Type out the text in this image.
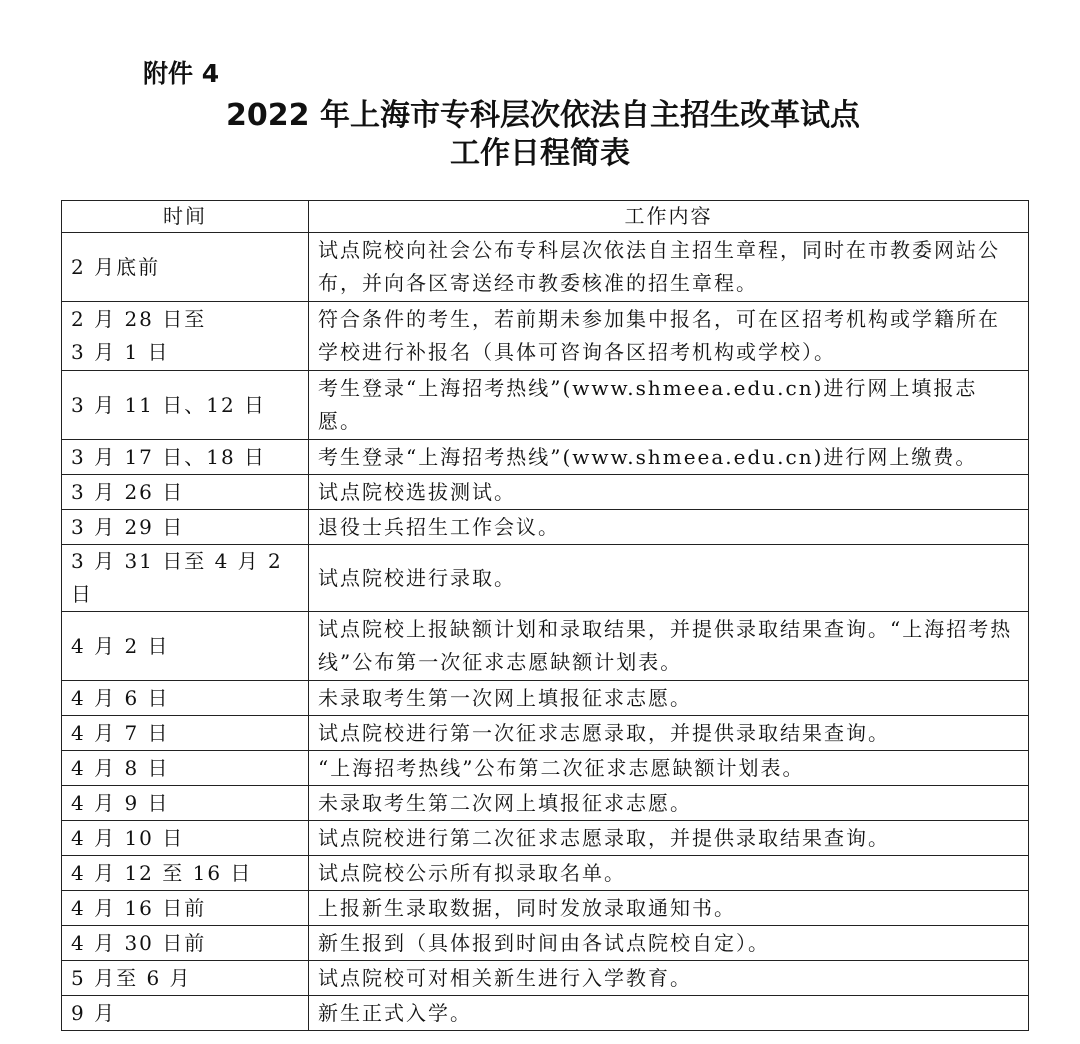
附件 4
2022 年上海市专科层次依法自主招生改革试点
工作日程简表
时间	工作内容
2 月底前	试点院校向社会公布专科层次依法自主招生章程，同时在市教委网站公布，并向各区寄送经市教委核准的招生章程。
2 月 28 日至
3 月 1 日	符合条件的考生，若前期未参加集中报名，可在区招考机构或学籍所在学校进行补报名（具体可咨询各区招考机构或学校）。
3 月 11 日、12 日	考生登录“上海招考热线”(www.shmeea.edu.cn)进行网上填报志愿。
3 月 17 日、18 日	考生登录“上海招考热线”(www.shmeea.edu.cn)进行网上缴费。
3 月 26 日	试点院校选拔测试。
3 月 29 日	退役士兵招生工作会议。
3 月 31 日至 4 月 2 日	试点院校进行录取。
4 月 2 日	试点院校上报缺额计划和录取结果，并提供录取结果查询。“上海招考热线”公布第一次征求志愿缺额计划表。
4 月 6 日	未录取考生第一次网上填报征求志愿。
4 月 7 日	试点院校进行第一次征求志愿录取，并提供录取结果查询。
4 月 8 日	“上海招考热线”公布第二次征求志愿缺额计划表。
4 月 9 日	未录取考生第二次网上填报征求志愿。
4 月 10 日	试点院校进行第二次征求志愿录取，并提供录取结果查询。
4 月 12 至 16 日	试点院校公示所有拟录取名单。
4 月 16 日前	上报新生录取数据，同时发放录取通知书。
4 月 30 日前	新生报到（具体报到时间由各试点院校自定）。
5 月至 6 月	试点院校可对相关新生进行入学教育。
9 月	新生正式入学。
